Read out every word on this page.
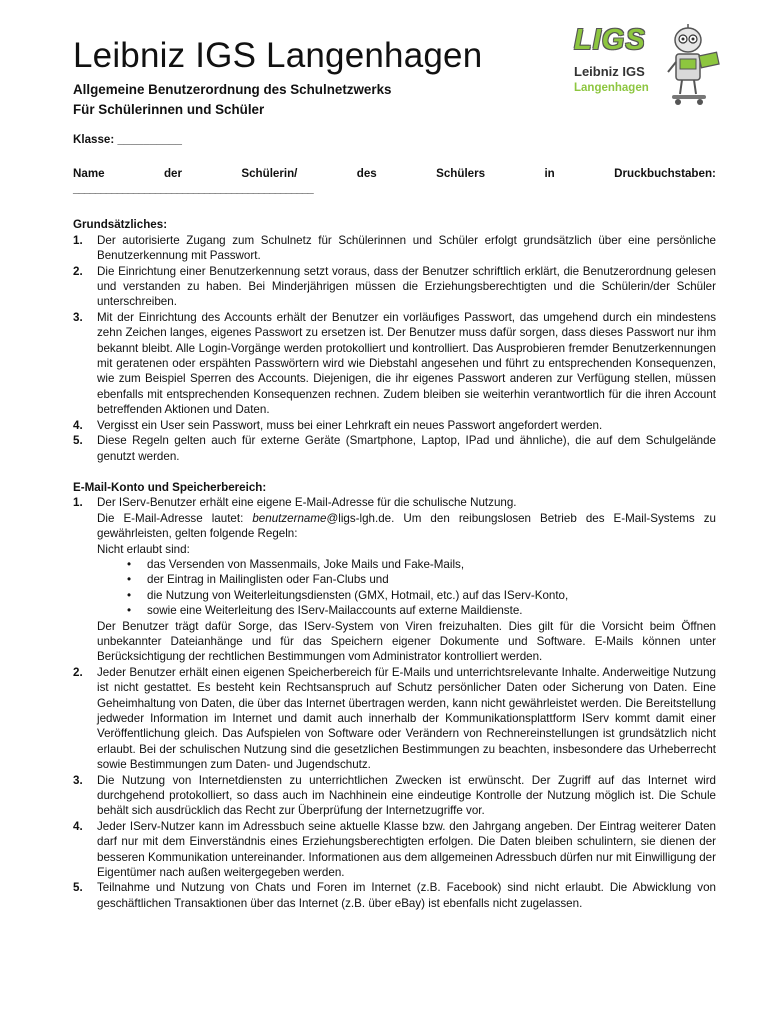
Leibniz IGS Langenhagen
Allgemeine Benutzerordnung des Schulnetzwerks
Für Schülerinnen und Schüler
LIGS
Leibniz IGS
Langenhagen
Klasse: __________
Name	der	Schülerin/	des	Schülers	in	Druckbuchstaben:
____________________________________________
Grundsätzliches:
1. Der autorisierte Zugang zum Schulnetz für Schülerinnen und Schüler erfolgt grundsätzlich über eine persönliche Benutzerkennung mit Passwort.
2. Die Einrichtung einer Benutzerkennung setzt voraus, dass der Benutzer schriftlich erklärt, die Benutzerordnung gelesen und verstanden zu haben. Bei Minderjährigen müssen die Erziehungsberechtigten und die Schülerin/der Schüler unterschreiben.
3. Mit der Einrichtung des Accounts erhält der Benutzer ein vorläufiges Passwort, das umgehend durch ein mindestens zehn Zeichen langes, eigenes Passwort zu ersetzen ist. Der Benutzer muss dafür sorgen, dass dieses Passwort nur ihm bekannt bleibt. Alle Login-Vorgänge werden protokolliert und kontrolliert. Das Ausprobieren fremder Benutzerkennungen mit geratenen oder erspähten Passwörtern wird wie Diebstahl angesehen und führt zu entsprechenden Konsequenzen, wie zum Beispiel Sperren des Accounts. Diejenigen, die ihr eigenes Passwort anderen zur Verfügung stellen, müssen ebenfalls mit entsprechenden Konsequenzen rechnen. Zudem bleiben sie weiterhin verantwortlich für die ihren Account betreffenden Aktionen und Daten.
4. Vergisst ein User sein Passwort, muss bei einer Lehrkraft ein neues Passwort angefordert werden.
5. Diese Regeln gelten auch für externe Geräte (Smartphone, Laptop, IPad und ähnliche), die auf dem Schulgelände genutzt werden.
E-Mail-Konto und Speicherbereich:
1. Der IServ-Benutzer erhält eine eigene E-Mail-Adresse für die schulische Nutzung.
Die E-Mail-Adresse lautet: benutzername@ligs-lgh.de. Um den reibungslosen Betrieb des E-Mail-Systems zu gewährleisten, gelten folgende Regeln:
Nicht erlaubt sind:
• das Versenden von Massenmails, Joke Mails und Fake-Mails,
• der Eintrag in Mailinglisten oder Fan-Clubs und
• die Nutzung von Weiterleitungsdiensten (GMX, Hotmail, etc.) auf das IServ-Konto,
• sowie eine Weiterleitung des IServ-Mailaccounts auf externe Maildienste.
Der Benutzer trägt dafür Sorge, das IServ-System von Viren freizuhalten. Dies gilt für die Vorsicht beim Öffnen unbekannter Dateianhänge und für das Speichern eigener Dokumente und Software. E-Mails können unter Berücksichtigung der rechtlichen Bestimmungen vom Administrator kontrolliert werden.
2. Jeder Benutzer erhält einen eigenen Speicherbereich für E-Mails und unterrichtsrelevante Inhalte. Anderweitige Nutzung ist nicht gestattet. Es besteht kein Rechtsanspruch auf Schutz persönlicher Daten oder Sicherung von Daten. Eine Geheimhaltung von Daten, die über das Internet übertragen werden, kann nicht gewährleistet werden. Die Bereitstellung jedweder Information im Internet und damit auch innerhalb der Kommunikationsplattform IServ kommt damit einer Veröffentlichung gleich. Das Aufspielen von Software oder Verändern von Rechnereinstellungen ist grundsätzlich nicht erlaubt. Bei der schulischen Nutzung sind die gesetzlichen Bestimmungen zu beachten, insbesondere das Urheberrecht sowie Bestimmungen zum Daten- und Jugendschutz.
3. Die Nutzung von Internetdiensten zu unterrichtlichen Zwecken ist erwünscht. Der Zugriff auf das Internet wird durchgehend protokolliert, so dass auch im Nachhinein eine eindeutige Kontrolle der Nutzung möglich ist. Die Schule behält sich ausdrücklich das Recht zur Überprüfung der Internetzugriffe vor.
4. Jeder IServ-Nutzer kann im Adressbuch seine aktuelle Klasse bzw. den Jahrgang angeben. Der Eintrag weiterer Daten darf nur mit dem Einverständnis eines Erziehungsberechtigten erfolgen. Die Daten bleiben schulintern, sie dienen der besseren Kommunikation untereinander. Informationen aus dem allgemeinen Adressbuch dürfen nur mit Einwilligung der Eigentümer nach außen weitergegeben werden.
5. Teilnahme und Nutzung von Chats und Foren im Internet (z.B. Facebook) sind nicht erlaubt. Die Abwicklung von geschäftlichen Transaktionen über das Internet (z.B. über eBay) ist ebenfalls nicht zugelassen.
